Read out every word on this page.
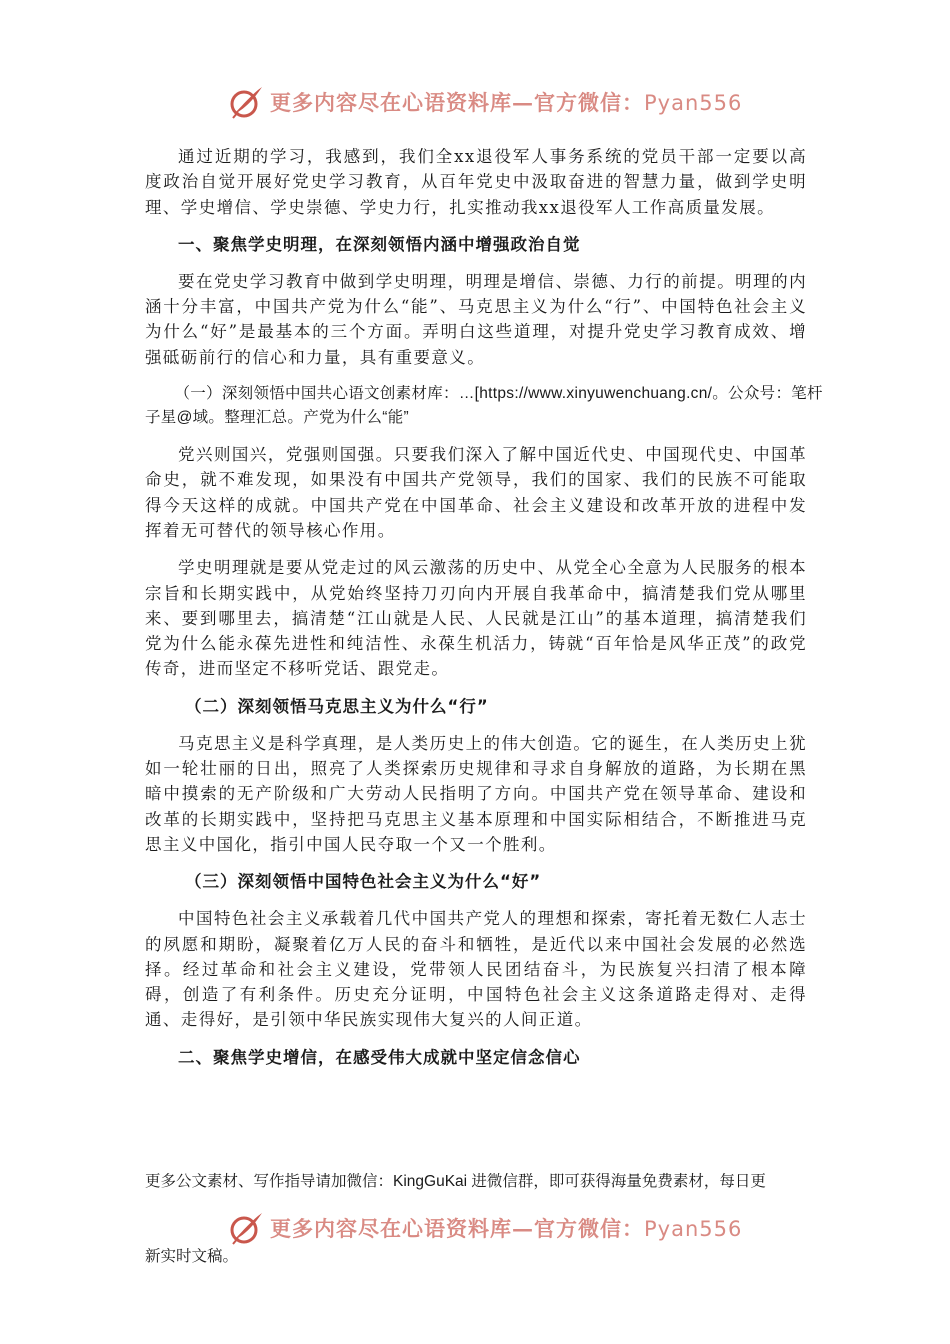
更多内容尽在心语资料库—官方微信：Pyan556

通过近期的学习，我感到，我们全xx退役军人事务系统的党员干部一定要以高度政治自觉开展好党史学习教育，从百年党史中汲取奋进的智慧力量，做到学史明理、学史增信、学史崇德、学史力行，扎实推动我xx退役军人工作高质量发展。

一、聚焦学史明理，在深刻领悟内涵中增强政治自觉

要在党史学习教育中做到学史明理，明理是增信、崇德、力行的前提。明理的内涵十分丰富，中国共产党为什么“能”、马克思主义为什么“行”、中国特色社会主义为什么“好”是最基本的三个方面。弄明白这些道理，对提升党史学习教育成效、增强砥砺前行的信心和力量，具有重要意义。

（一）深刻领悟中国共心语文创素材库：…[https://www.xinyuwenchuang.cn/。公众号：笔杆子星@域。整理汇总。产党为什么“能”

党兴则国兴，党强则国强。只要我们深入了解中国近代史、中国现代史、中国革命史，就不难发现，如果没有中国共产党领导，我们的国家、我们的民族不可能取得今天这样的成就。中国共产党在中国革命、社会主义建设和改革开放的进程中发挥着无可替代的领导核心作用。

学史明理就是要从党走过的风云激荡的历史中、从党全心全意为人民服务的根本宗旨和长期实践中，从党始终坚持刀刃向内开展自我革命中，搞清楚我们党从哪里来、要到哪里去，搞清楚“江山就是人民、人民就是江山”的基本道理，搞清楚我们党为什么能永葆先进性和纯洁性、永葆生机活力，铸就“百年恰是风华正茂”的政党传奇，进而坚定不移听党话、跟党走。

（二）深刻领悟马克思主义为什么“行”

马克思主义是科学真理，是人类历史上的伟大创造。它的诞生，在人类历史上犹如一轮壮丽的日出，照亮了人类探索历史规律和寻求自身解放的道路，为长期在黑暗中摸索的无产阶级和广大劳动人民指明了方向。中国共产党在领导革命、建设和改革的长期实践中，坚持把马克思主义基本原理和中国实际相结合，不断推进马克思主义中国化，指引中国人民夺取一个又一个胜利。

（三）深刻领悟中国特色社会主义为什么“好”

中国特色社会主义承载着几代中国共产党人的理想和探索，寄托着无数仁人志士的夙愿和期盼，凝聚着亿万人民的奋斗和牺牲，是近代以来中国社会发展的必然选择。经过革命和社会主义建设，党带领人民团结奋斗，为民族复兴扫清了根本障碍，创造了有利条件。历史充分证明，中国特色社会主义这条道路走得对、走得通、走得好，是引领中华民族实现伟大复兴的人间正道。

二、聚焦学史增信，在感受伟大成就中坚定信念信心

更多公文素材、写作指导请加微信：KingGuKai 进微信群，即可获得海量免费素材，每日更
更多内容尽在心语资料库—官方微信：Pyan556
新实时文稿。
